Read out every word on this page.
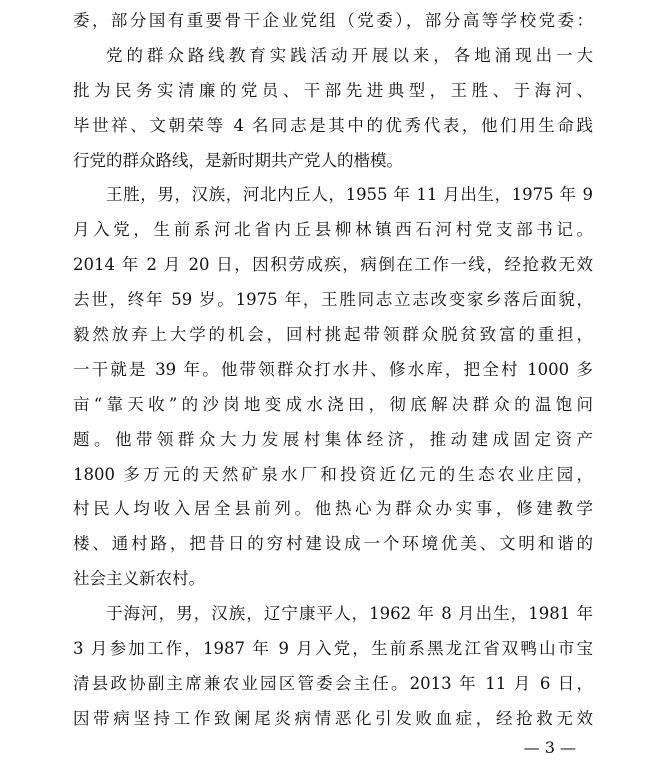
委，部分国有重要骨干企业党组（党委），部分高等学校党委：
党的群众路线教育实践活动开展以来，各地涌现出一大
批为民务实清廉的党员、干部先进典型，王胜、于海河、
毕世祥、文朝荣等 4 名同志是其中的优秀代表，他们用生命践
行党的群众路线，是新时期共产党人的楷模。
王胜，男，汉族，河北内丘人，1955 年 11 月出生，1975 年 9
月入党，生前系河北省内丘县柳林镇西石河村党支部书记。
2014 年 2 月 20 日，因积劳成疾，病倒在工作一线，经抢救无效
去世，终年 59 岁。1975 年，王胜同志立志改变家乡落后面貌，
毅然放弃上大学的机会，回村挑起带领群众脱贫致富的重担，
一干就是 39 年。他带领群众打水井、修水库，把全村 1000 多
亩“靠天收”的沙岗地变成水浇田，彻底解决群众的温饱问
题。他带领群众大力发展村集体经济，推动建成固定资产
1800 多万元的天然矿泉水厂和投资近亿元的生态农业庄园，
村民人均收入居全县前列。他热心为群众办实事，修建教学
楼、通村路，把昔日的穷村建设成一个环境优美、文明和谐的
社会主义新农村。
于海河，男，汉族，辽宁康平人，1962 年 8 月出生，1981 年
3 月参加工作，1987 年 9 月入党，生前系黑龙江省双鸭山市宝
清县政协副主席兼农业园区管委会主任。2013 年 11 月 6 日，
因带病坚持工作致阑尾炎病情恶化引发败血症，经抢救无效
— 3 —
